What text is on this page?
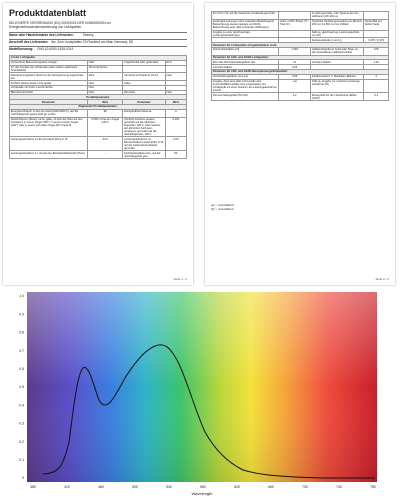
Produktdatenblatt
DELEGIERTE VERORDNUNG (EU) 2019/2015 DER KOMMISSION zur
Energieverbrauchskennzeichnung von Lichtquellen
Name oder Handelsmarke des Lieferanten:	Tweeny
Anschrift des Lieferanten: tbs, Zum Lindeplatten 20 Frankfurt am Main Germany, DE
Modellkennung: DH3-10-K000-1618-0014
Art der Lichtquelle:			
Verwendete Beleuchtungstech-nologie:	LED	Ungebündelt oder gebündelt:	ELS
Art des Sockels der Lichtquelle (oder andere elektrische Schnittstelle)	Terminal blocks		
Netzspannung(Netz) direkt an die Netzspannung angeschlos-sen	MLS	Vernetzte Lichtquel-le (CLS):	Nein
Farblich abstimmbare Licht-quelle:	Nein	Hülle:	-
Lichtquelle mit hoher Leucht-dichte:	Nein		
Blendschutzschild:	Nein	Dimmbar:	Nein
Produktparameter			
Parameter	Wert	Parameter	Wert
Allgemeine Produktparameter:			
Energieverbrauch im Ein-Zu-stand (kWh/1000 h), auf die nächstfolgende ganze Zahl ge-rundet	38	Energieeffizienzklas-se	A
Nutzlichtstrom (Φuse) mit An-gabe, ob sich der Wert auf den Lichtstrom in einem Kegel (360°), in einem breiten Kegel (120°) oder in einem schmalen Kegel (90°) bezieht	3.500 in brei-tem Kegel (120°)	Ähnliche Farbtem-peratur, gerundet auf die nächsten-liegenden 100 K, oder Spanne der ähnlichen Farb-tem-peraturen, gerundet auf die nächstliegenden 100 K	4.000
Leistungsaufnahme im Ein-Zu-stand (Pon) in W	33,0	Leistungsaufnahme im Bereitschaftszu-stand (Psb) in W, auf die zweite Dezimalstelle gerundet	0,00
Leistungsaufnahme im vernetz-ten Bereitschaftsbetrieb (Pnet)	-	Farbwiedergabein-dex, auf die nächstliegende gan-	80
Seite 1 / 2
für CLS in W, auf die zweite De-zimalstelle gerundet		ze Zahl gerundet, oder Spanne der ein-stellbaren CRI-Wer-te	
Außenabmessungen ohne separates Betriebsgerät, Beleuchtungs-steuerungsteile und Nicht-Beleuchtungs-teile, falls vorhanden (Millimeter)	Höhe 1.065 / Breite 47 / Tiefe 34	Spektrale Strahlungsverteilung im Bereich 250 nm bis 800 nm bei Volllast	Siehe Bild auf letzter Seite
Angabe zu einer gleichwertigen Leistungsaufnahme(a)	-	Falls ja, gleichwerti-ge Leistungsaufnah-me (W)	-
		Farbwertanteile (x und y)	0,387 / 0,379
Parameter für Lichtquellen mit gebündeltem Licht:			
Spitzenlichtstärke (cd)	1.363	Halbwertswinkel in Grad oder Span-ne der einstellbaren Halbwertswinkel	126
Parameter für LED- und OLED-Lichtquellen:			
Wert des R9-Farbwiedergabein-dex	11	Lichtstromfaktor	1,00
Lichtstromfaktor	0,96		
Parameter für LED- und OLED-Netzspannungslichtquellen:			
Verschiebungsfaktor (cos φ1)	0,96	Farbkonsistenz in MacAdam-Ellipsen	3
Angabe, dass eine LED-Licht-quelle eine Leuchtstofflicht-quelle ohne eingebautes Vor-schaltgerät mit einer bestimm-ten Leistungsaufnahme ersetzt.	-(a)	Falls ja, Angabe zur ersetzten Leistungs-aufnahme (W)	-
Flimmer-Messgröße (Pst LM)	0,2	Messgröße für den Stroboskop-Effekt (SVM)	0,4
(a) '-' unzutreffend;
(b) '-' unzutreffend
Seite 2 / 2
1.0
0.9
0.8
0.7
0.6
0.5
0.4
0.3
0.2
0.1
0
380	420	460	500	540	580	620	660	700	740	780
Wavelength
